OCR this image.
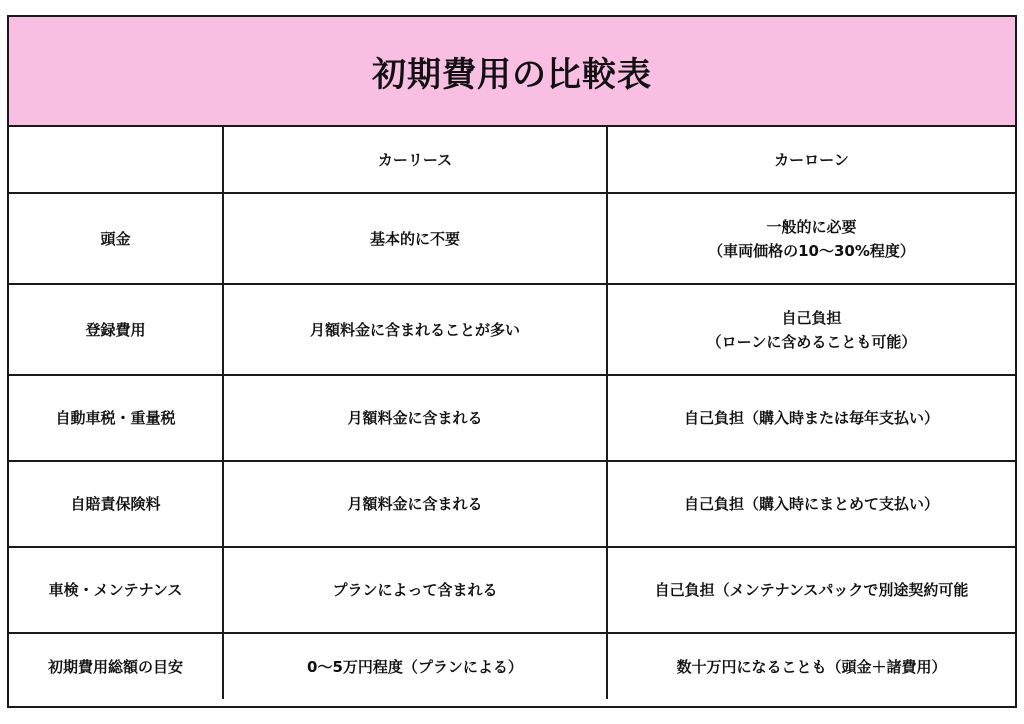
初期費用の比較表
	カーリース	カーローン
頭金	基本的に不要	一般的に必要
（車両価格の10〜30%程度）

登録費用	月額料金に含まれることが多い	自己負担
（ローンに含めることも可能）

自動車税・重量税	月額料金に含まれる	自己負担（購入時または毎年支払い）

自賠責保険料	月額料金に含まれる	自己負担（購入時にまとめて支払い）

車検・メンテナンス	プランによって含まれる	自己負担（メンテナンスパックで別途契約可能

初期費用総額の目安	0〜5万円程度（プランによる）	数十万円になることも（頭金＋諸費用）
